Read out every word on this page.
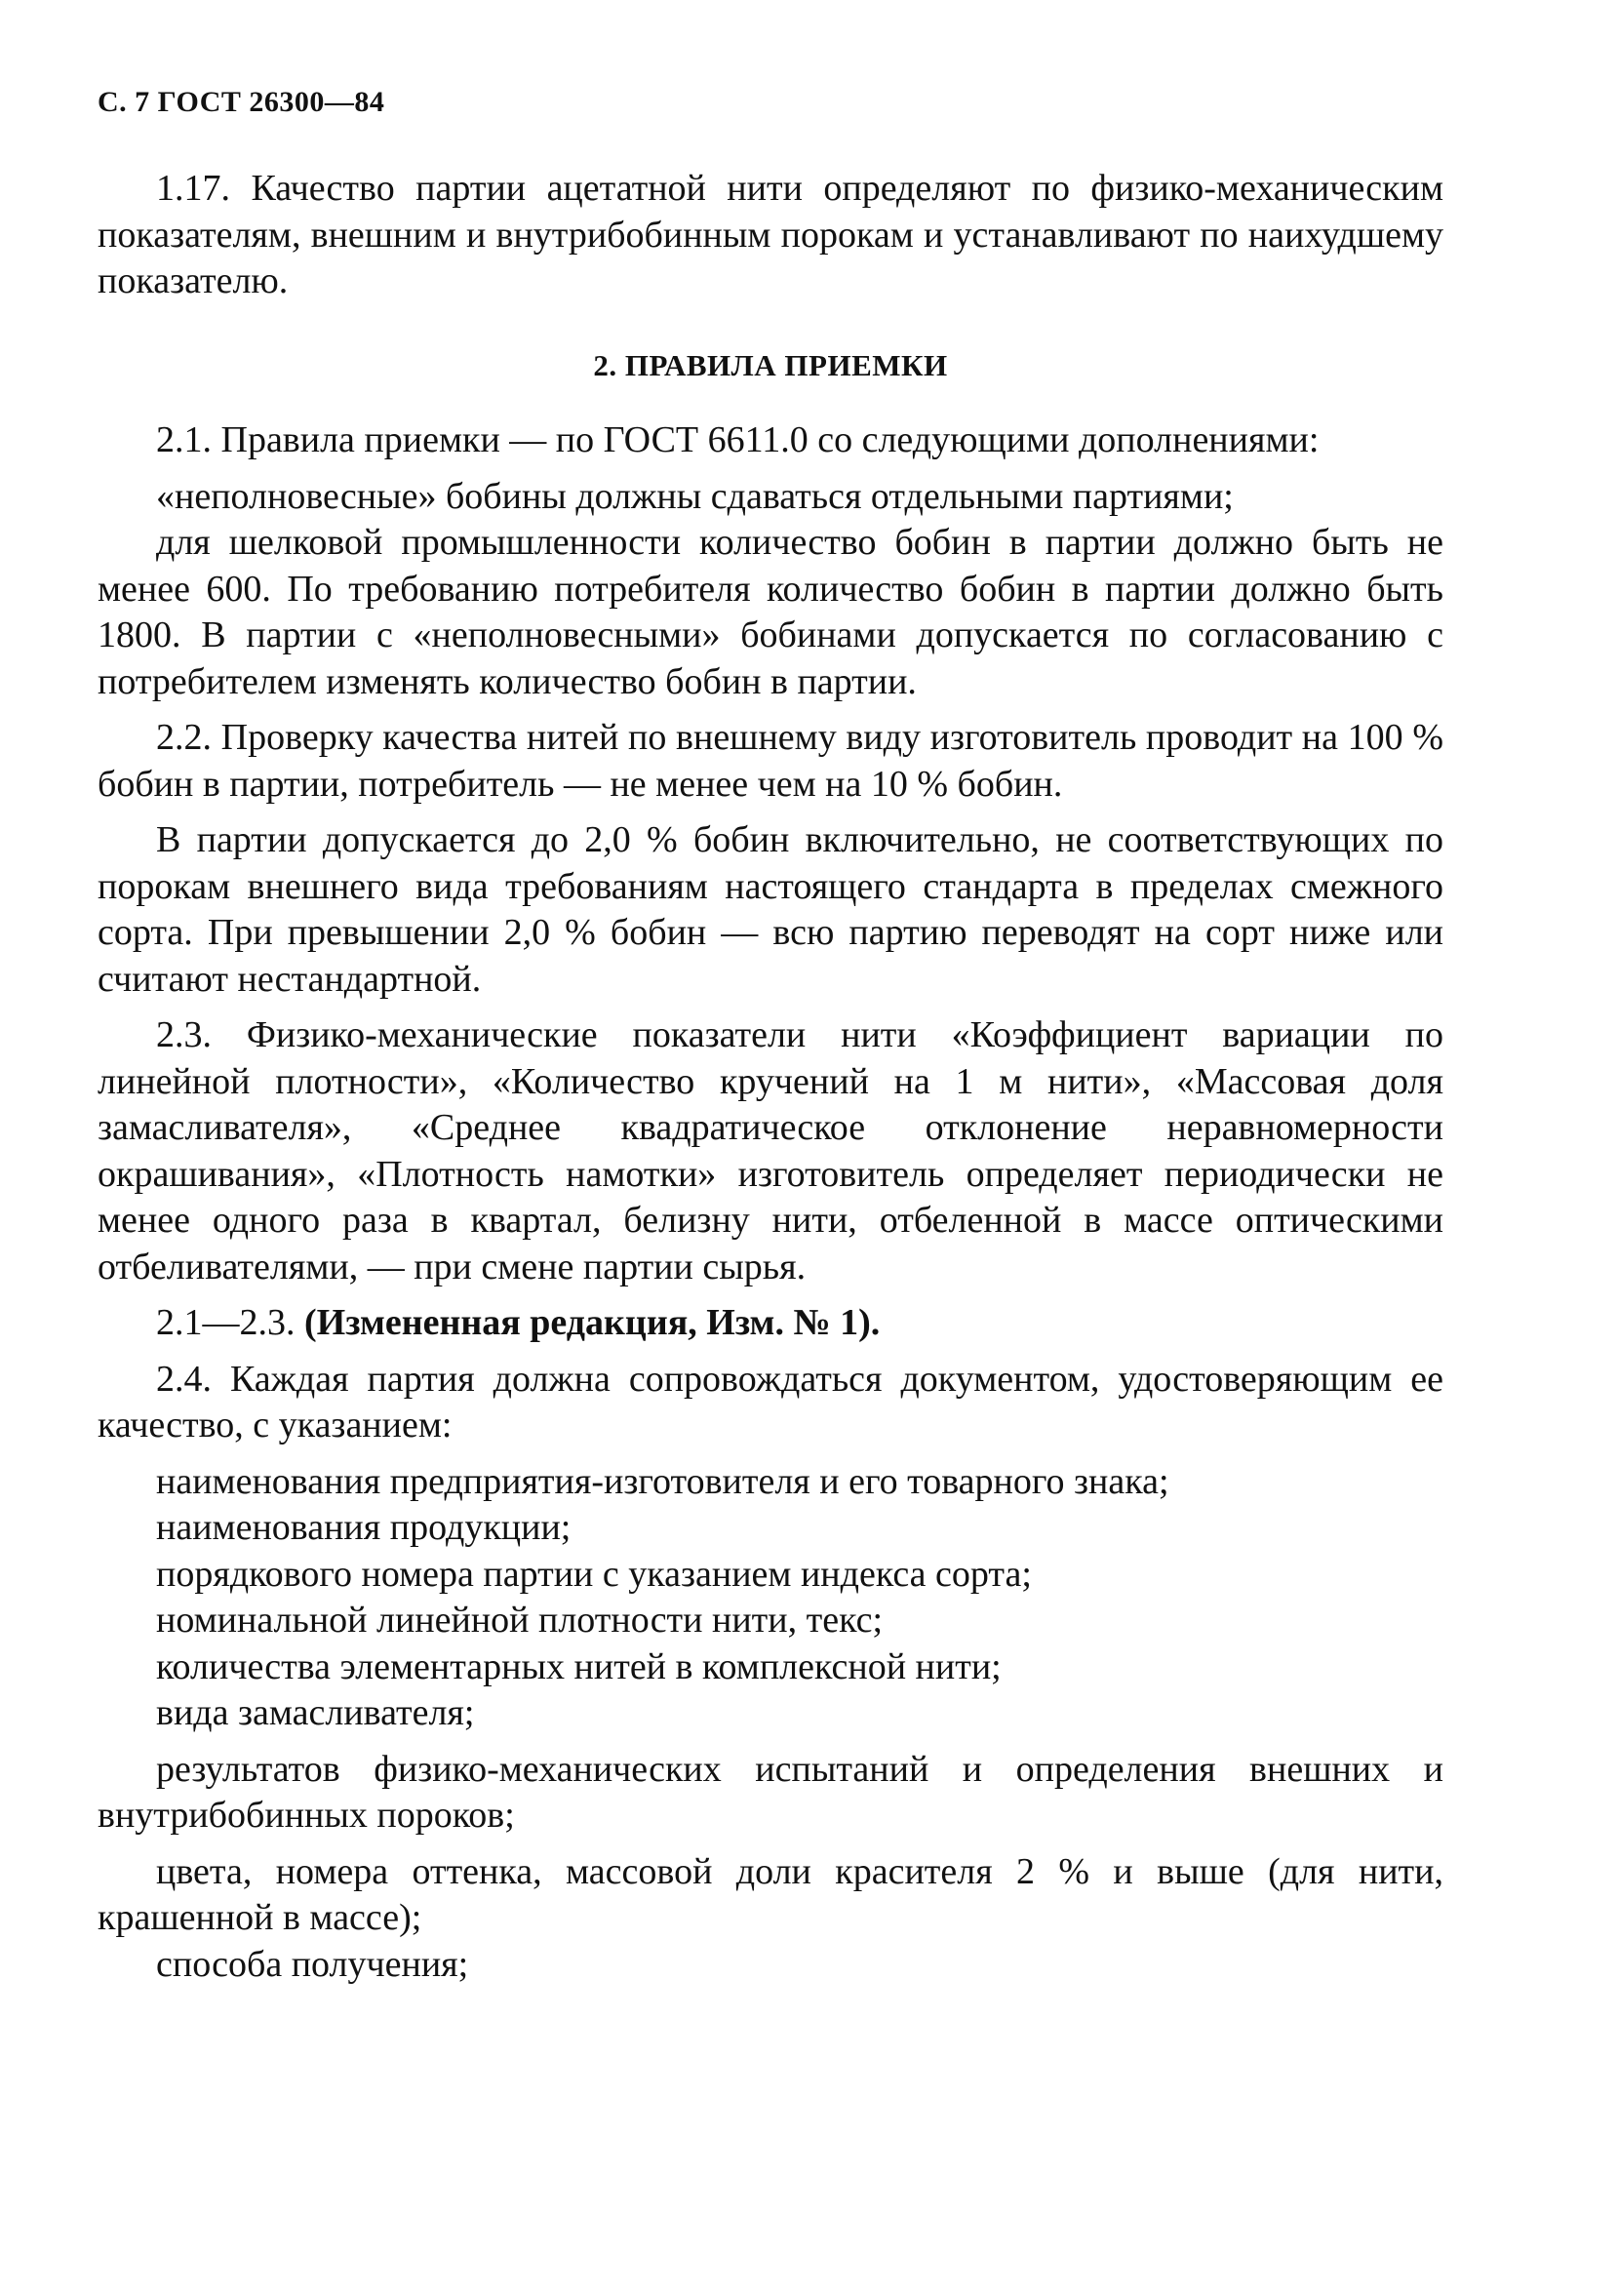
С. 7 ГОСТ 26300—84

1.17. Качество партии ацетатной нити определяют по физико-механическим показателям, внешним и внутрибобинным порокам и устанавливают по наихудшему показателю.

2. ПРАВИЛА ПРИЕМКИ

2.1. Правила приемки — по ГОСТ 6611.0 со следующими дополнениями:

«неполновесные» бобины должны сдаваться отдельными партиями;

для шелковой промышленности количество бобин в партии должно быть не менее 600. По требованию потребителя количество бобин в партии должно быть 1800. В партии с «неполновесными» бобинами допускается по согласованию с потребителем изменять количество бобин в партии.

2.2. Проверку качества нитей по внешнему виду изготовитель проводит на 100 % бобин в партии, потребитель — не менее чем на 10 % бобин.

В партии допускается до 2,0 % бобин включительно, не соответствующих по порокам внешнего вида требованиям настоящего стандарта в пределах смежного сорта. При превышении 2,0 % бобин — всю партию переводят на сорт ниже или считают нестандартной.

2.3. Физико-механические показатели нити «Коэффициент вариации по линейной плотности», «Количество кручений на 1 м нити», «Массовая доля замасливателя», «Среднее квадратическое отклонение неравномерности окрашивания», «Плотность намотки» изготовитель определяет периодически не менее одного раза в квартал, белизну нити, отбеленной в массе оптическими отбеливателями, — при смене партии сырья.

2.1—2.3. (Измененная редакция, Изм. № 1).

2.4. Каждая партия должна сопровождаться документом, удостоверяющим ее качество, с указанием:

наименования предприятия-изготовителя и его товарного знака;

наименования продукции;

порядкового номера партии с указанием индекса сорта;

номинальной линейной плотности нити, текс;

количества элементарных нитей в комплексной нити;

вида замасливателя;

результатов физико-механических испытаний и определения внешних и внутрибобинных пороков;

цвета, номера оттенка, массовой доли красителя 2 % и выше (для нити, крашенной в массе);

способа получения;
